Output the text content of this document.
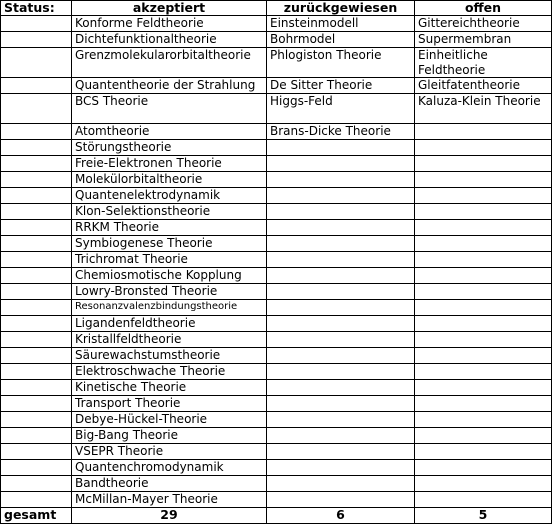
Status:	akzeptiert	zurückgewiesen	offen
	Konforme Feldtheorie	Einsteinmodell	Gittereichtheorie
	Dichtefunktionaltheorie	Bohrmodel	Supermembran
	Grenzmolekularorbitaltheorie	Phlogiston Theorie	Einheitliche Feldtheorie
	Quantentheorie der Strahlung	De Sitter Theorie	Gleitfatentheorie
	BCS Theorie	Higgs-Feld	Kaluza-Klein Theorie
	Atomtheorie	Brans-Dicke Theorie	
	Störungstheorie		
	Freie-Elektronen Theorie		
	Molekülorbitaltheorie		
	Quantenelektrodynamik		
	Klon-Selektionstheorie		
	RRKM Theorie		
	Symbiogenese Theorie		
	Trichromat Theorie		
	Chemiosmotische Kopplung		
	Lowry-Bronsted Theorie		
	Resonanzvalenzbindungstheorie		
	Ligandenfeldtheorie		
	Kristallfeldtheorie		
	Säurewachstumstheorie		
	Elektroschwache Theorie		
	Kinetische Theorie		
	Transport Theorie		
	Debye-Hückel-Theorie		
	Big-Bang Theorie		
	VSEPR Theorie		
	Quantenchromodynamik		
	Bandtheorie		
	McMillan-Mayer Theorie		
gesamt	29	6	5
